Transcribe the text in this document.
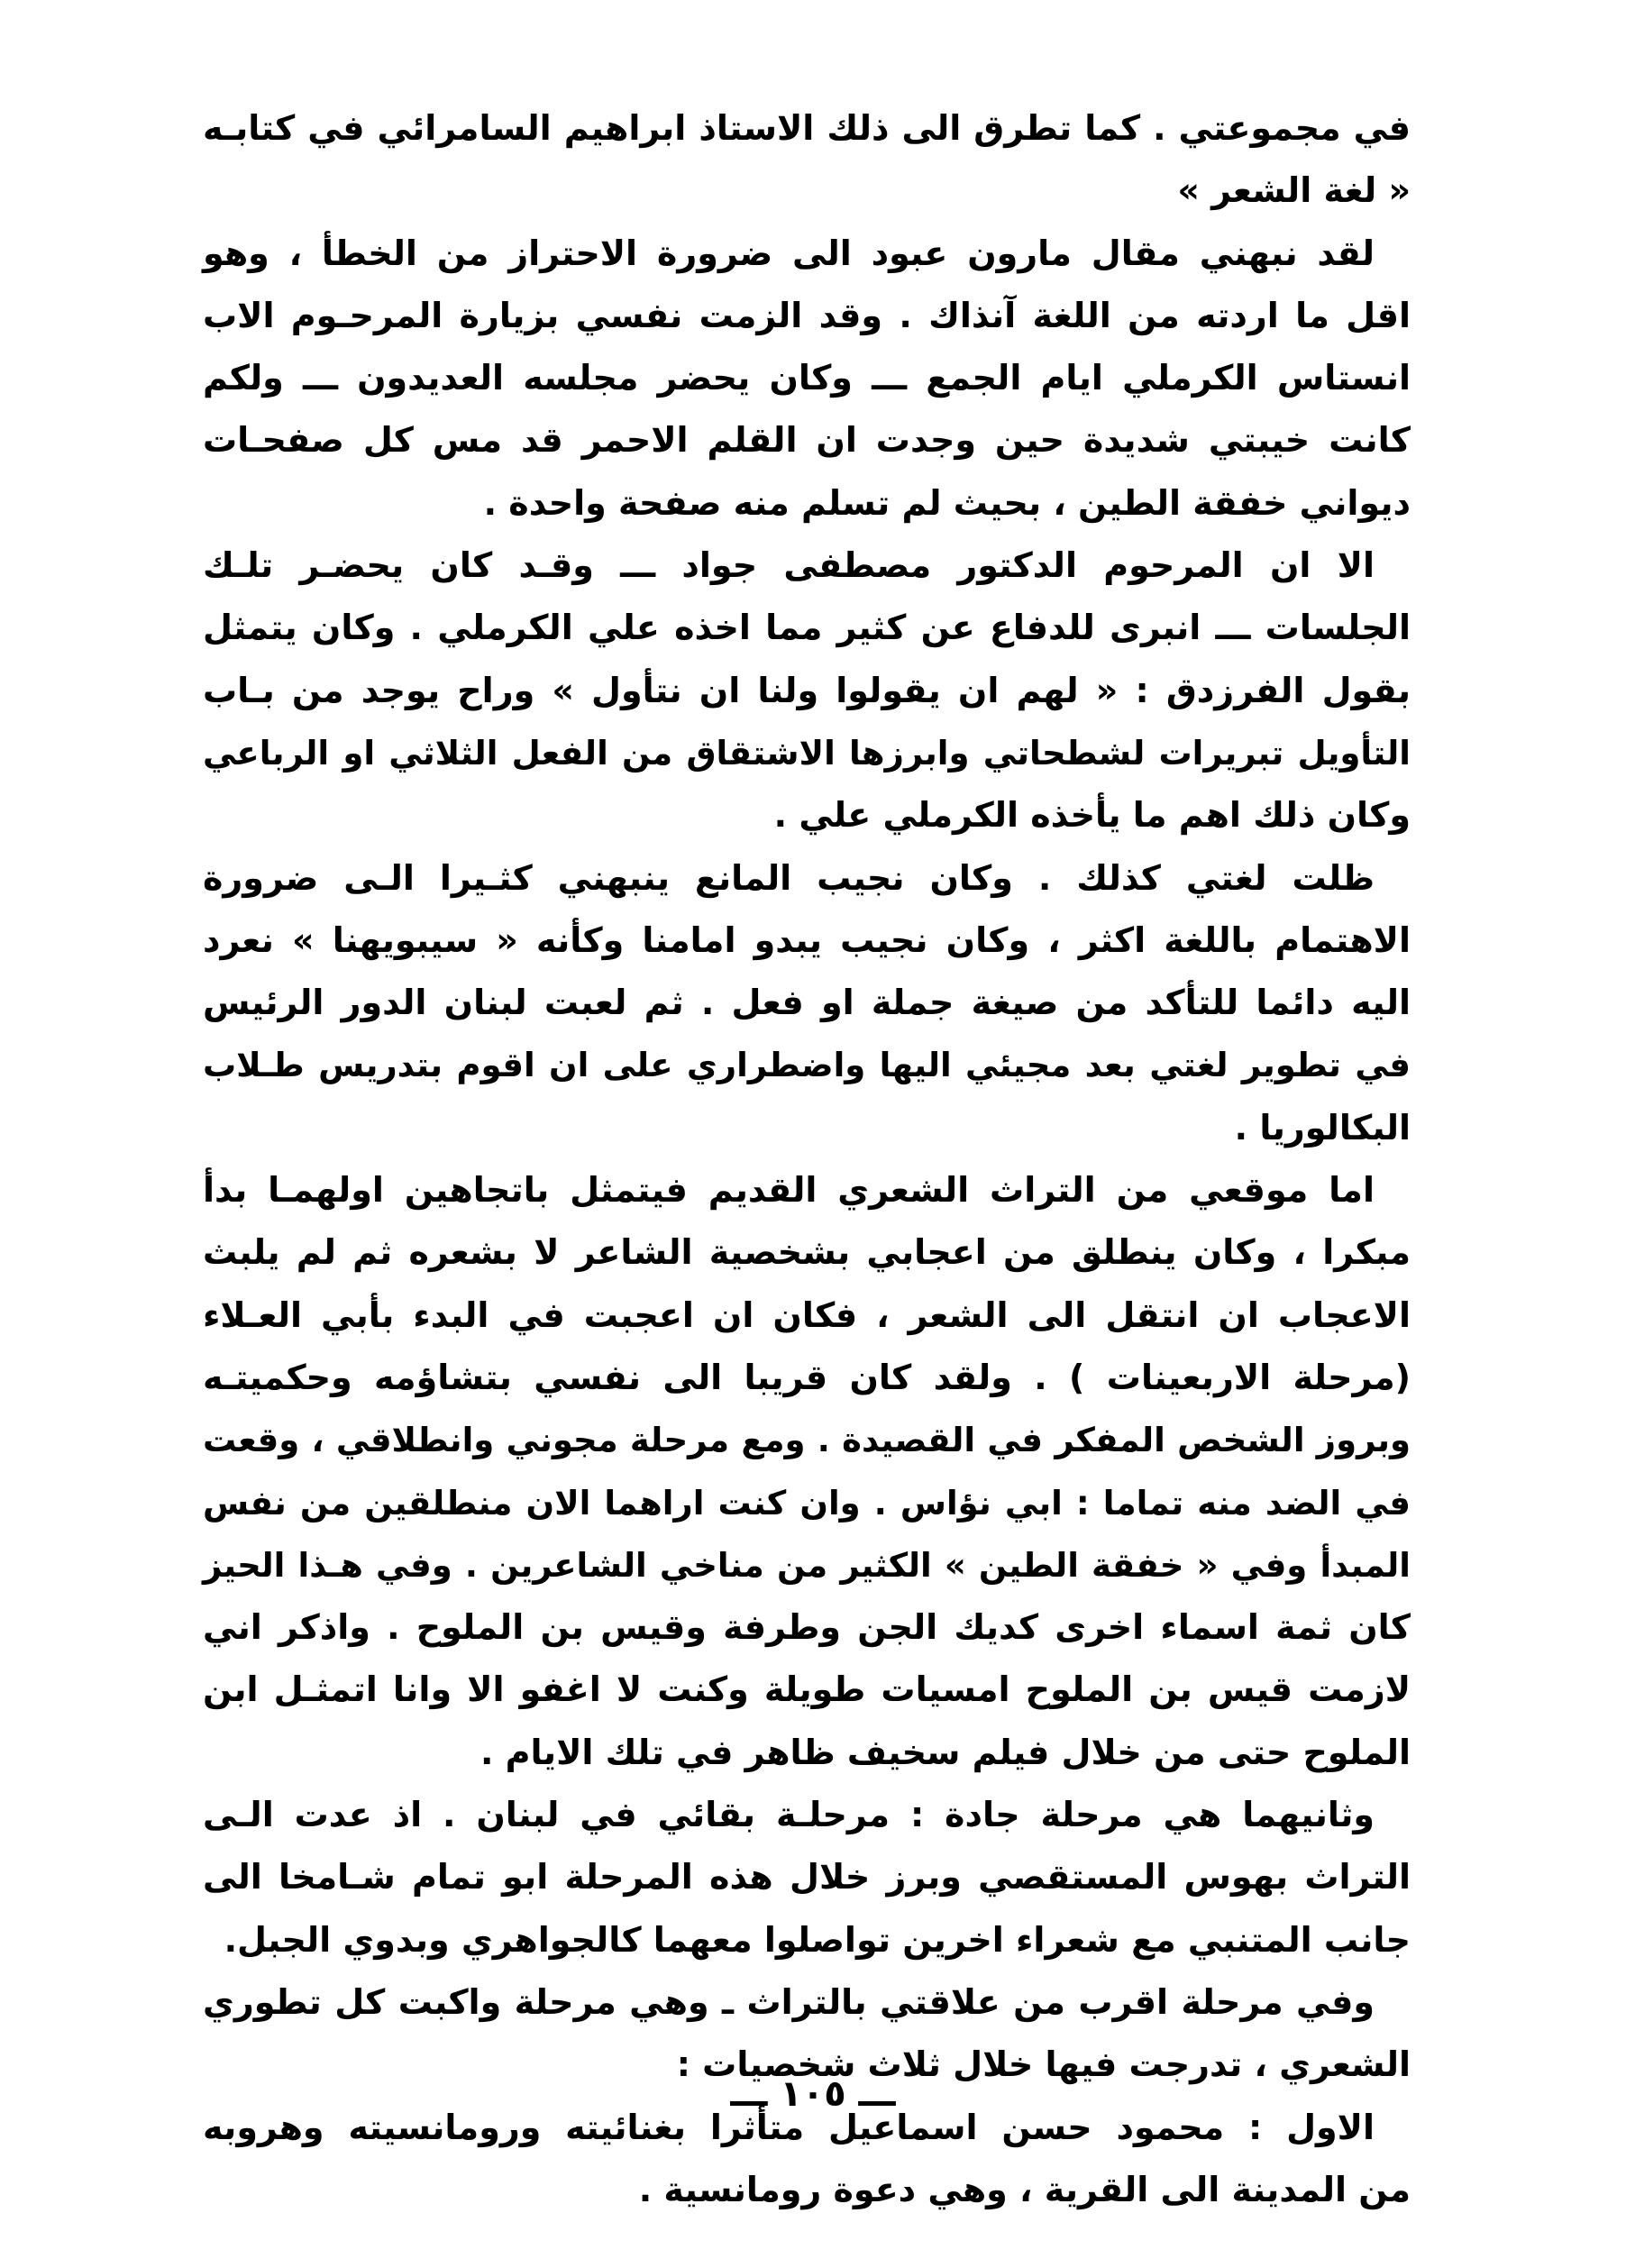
في مجموعتي . كما تطرق الى ذلك الاستاذ ابراهيم السامرائي في كتابـه
« لغة الشعر »
لقد نبهني مقال مارون عبود الى ضرورة الاحتراز من الخطأ ، وهو
اقل ما اردته من اللغة آنذاك . وقد الزمت نفسي بزيارة المرحـوم الاب
انستاس الكرملي ايام الجمع ـــ وكان يحضر مجلسه العديدون ـــ ولكم
كانت خيبتي شديدة حين وجدت ان القلم الاحمر قد مس كل صفحـات
ديواني خفقة الطين ، بحيث لم تسلم منه صفحة واحدة .
الا ان المرحوم الدكتور مصطفى جواد ـــ وقـد كان يحضـر تلـك
الجلسات ـــ انبرى للدفاع عن كثير مما اخذه علي الكرملي . وكان يتمثل
بقول الفرزدق : « لهم ان يقولوا ولنا ان نتأول » وراح يوجد من بـاب
التأويل تبريرات لشطحاتي وابرزها الاشتقاق من الفعل الثلاثي او الرباعي
وكان ذلك اهم ما يأخذه الكرملي علي .
ظلت لغتي كذلك . وكان نجيب المانع ينبهني كثـيرا الـى ضرورة
الاهتمام باللغة اكثر ، وكان نجيب يبدو امامنا وكأنه « سيبويهنا » نعرد
اليه دائما للتأكد من صيغة جملة او فعل . ثم لعبت لبنان الدور الرئيس
في تطوير لغتي بعد مجيئي اليها واضطراري على ان اقوم بتدريس طـلاب
البكالوريا .
اما موقعي من التراث الشعري القديم فيتمثل باتجاهين اولهمـا بدأ
مبكرا ، وكان ينطلق من اعجابي بشخصية الشاعر لا بشعره ثم لم يلبث
الاعجاب ان انتقل الى الشعر ، فكان ان اعجبت في البدء بأبي العـلاء
(مرحلة الاربعينات ) . ولقد كان قريبا الى نفسي بتشاؤمه وحكميتـه
وبروز الشخص المفكر في القصيدة . ومع مرحلة مجوني وانطلاقي ، وقعت
في الضد منه تماما : ابي نؤاس . وان كنت اراهما الان منطلقين من نفس
المبدأ وفي « خفقة الطين » الكثير من مناخي الشاعرين . وفي هـذا الحيز
كان ثمة اسماء اخرى كديك الجن وطرفة وقيس بن الملوح . واذكر اني
لازمت قيس بن الملوح امسيات طويلة وكنت لا اغفو الا وانا اتمثـل ابن
الملوح حتى من خلال فيلم سخيف ظاهر في تلك الايام .
وثانيهما هي مرحلة جادة : مرحلـة بقائي في لبنان . اذ عدت الـى
التراث بهوس المستقصي وبرز خلال هذه المرحلة ابو تمام شـامخا الى
جانب المتنبي مع شعراء اخرين تواصلوا معهما كالجواهري وبدوي الجبل.
وفي مرحلة اقرب من علاقتي بالتراث ـ وهي مرحلة واكبت كل تطوري
الشعري ، تدرجت فيها خلال ثلاث شخصيات :
الاول : محمود حسن اسماعيل متأثرا بغنائيته ورومانسيته وهروبه
من المدينة الى القرية ، وهي دعوة رومانسية .
ـــ ١٠٥ ـــ
